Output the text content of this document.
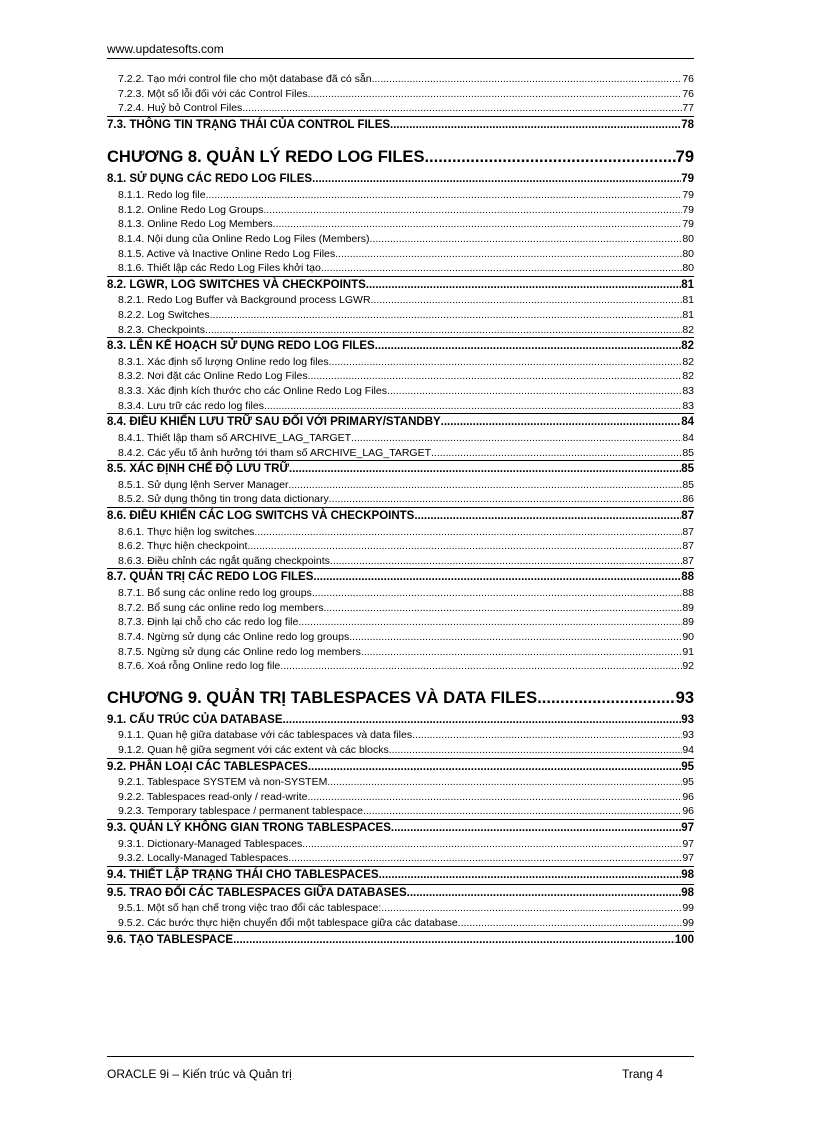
www.updatesofts.com
7.2.2. Tạo mới control file cho một database đã có sẵn .....	76
7.2.3. Một số lỗi đối với các Control Files .....	76
7.2.4. Huỷ bỏ Control Files .....	77
7.3. THÔNG TIN TRẠNG THÁI CỦA CONTROL FILES .....	78
CHƯƠNG 8. QUẢN LÝ REDO LOG FILES .....	79
8.1. SỬ DỤNG CÁC REDO LOG FILES .....	79
8.1.1. Redo log file .....	79
8.1.2. Online Redo Log Groups .....	79
8.1.3. Online Redo Log Members .....	79
8.1.4. Nội dung của Online Redo Log Files (Members) .....	80
8.1.5. Active và Inactive Online Redo Log Files .....	80
8.1.6. Thiết lập các Redo Log Files khởi tạo .....	80
8.2. LGWR, LOG SWITCHES VÀ CHECKPOINTS .....	81
8.2.1. Redo Log Buffer và Background process LGWR .....	81
8.2.2. Log Switches .....	81
8.2.3. Checkpoints .....	82
8.3. LÊN KẾ HOẠCH SỬ DỤNG REDO LOG FILES .....	82
8.3.1. Xác định số lượng Online redo log files .....	82
8.3.2. Nơi đặt các Online Redo Log Files .....	82
8.3.3. Xác định kích thước cho các Online Redo Log Files .....	83
8.3.4. Lưu trữ các redo log files .....	83
8.4. ĐIỀU KHIỂN LƯU TRỮ SAU ĐỐI VỚI PRIMARY/STANDBY .....	84
8.4.1. Thiết lập tham số ARCHIVE_LAG_TARGET .....	84
8.4.2. Các yếu tố ảnh hưởng tới tham số ARCHIVE_LAG_TARGET .....	85
8.5. XÁC ĐỊNH CHẾ ĐỘ LƯU TRỮ .....	85
8.5.1. Sử dụng lệnh Server Manager .....	85
8.5.2. Sử dụng thông tin trong data dictionary .....	86
8.6. ĐIỀU KHIỂN CÁC LOG SWITCHS VÀ CHECKPOINTS .....	87
8.6.1. Thực hiện log switches .....	87
8.6.2. Thực hiện checkpoint .....	87
8.6.3. Điều chỉnh các ngắt quãng checkpoints .....	87
8.7. QUẢN TRỊ CÁC REDO LOG FILES .....	88
8.7.1. Bổ sung các online redo log groups .....	88
8.7.2. Bổ sung các online redo log members .....	89
8.7.3. Định lại chỗ cho các redo log file .....	89
8.7.4. Ngừng sử dụng các Online redo log groups .....	90
8.7.5. Ngừng sử dụng các Online redo log members .....	91
8.7.6. Xoá rỗng Online redo log file .....	92
CHƯƠNG 9. QUẢN TRỊ TABLESPACES VÀ DATA FILES .....	93
9.1. CẤU TRÚC CỦA DATABASE .....	93
9.1.1. Quan hệ giữa database với các tablespaces và data files .....	93
9.1.2. Quan hệ giữa segment với các extent và các blocks .....	94
9.2. PHÂN LOẠI CÁC TABLESPACES .....	95
9.2.1. Tablespace SYSTEM và non-SYSTEM .....	95
9.2.2. Tablespaces read-only / read-write .....	96
9.2.3. Temporary tablespace / permanent tablespace .....	96
9.3. QUẢN LÝ KHÔNG GIAN TRONG TABLESPACES .....	97
9.3.1. Dictionary-Managed Tablespaces .....	97
9.3.2. Locally-Managed Tablespaces .....	97
9.4. THIẾT LẬP TRẠNG THÁI CHO TABLESPACES .....	98
9.5. TRAO ĐỔI CÁC TABLESPACES GIỮA DATABASES .....	98
9.5.1. Một số hạn chế trong việc trao đổi các tablespace: .....	99
9.5.2. Các bước thực hiện chuyển đổi một tablespace giữa các database .....	99
9.6. TẠO TABLESPACE .....	100
ORACLE 9i – Kiến trúc và Quản trị	Trang 4
